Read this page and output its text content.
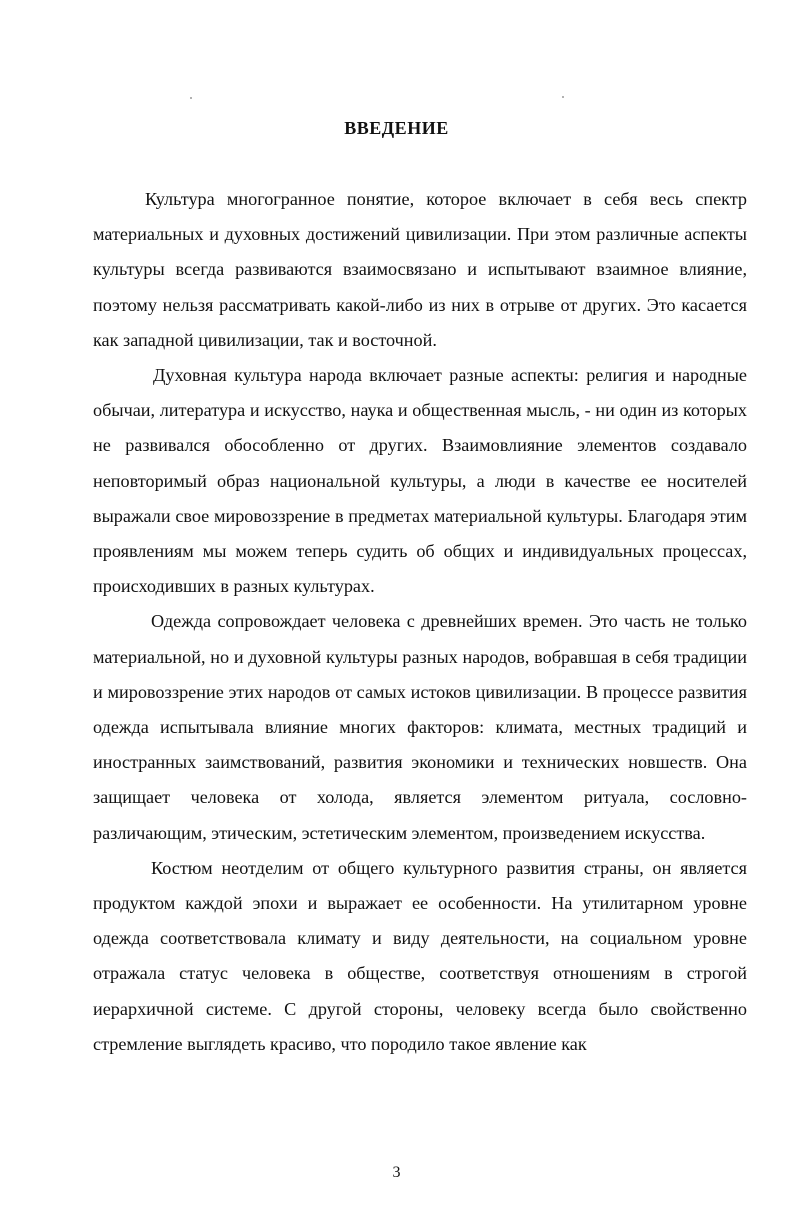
ВВЕДЕНИЕ

Культура многогранное понятие, которое включает в себя весь спектр материальных и духовных достижений цивилизации. При этом различные аспекты культуры всегда развиваются взаимосвязано и испытывают взаимное влияние, поэтому нельзя рассматривать какой-либо из них в отрыве от других. Это касается как западной цивилизации, так и восточной.

Духовная культура народа включает разные аспекты: религия и народные обычаи, литература и искусство, наука и общественная мысль, - ни один из которых не развивался обособленно от других. Взаимовлияние элементов создавало неповторимый образ национальной культуры, а люди в качестве ее носителей выражали свое мировоззрение в предметах материальной культуры. Благодаря этим проявлениям мы можем теперь судить об общих и индивидуальных процессах, происходивших в разных культурах.

Одежда сопровождает человека с древнейших времен. Это часть не только материальной, но и духовной культуры разных народов, вобравшая в себя традиции и мировоззрение этих народов от самых истоков цивилизации. В процессе развития одежда испытывала влияние многих факторов: климата, местных традиций и иностранных заимствований, развития экономики и технических новшеств. Она защищает человека от холода, является элементом ритуала, сословно-различающим, этическим, эстетическим элементом, произведением искусства.

Костюм неотделим от общего культурного развития страны, он является продуктом каждой эпохи и выражает ее особенности. На утилитарном уровне одежда соответствовала климату и виду деятельности, на социальном уровне отражала статус человека в обществе, соответствуя отношениям в строгой иерархичной системе. С другой стороны, человеку всегда было свойственно стремление выглядеть красиво, что породило такое явление как

3
